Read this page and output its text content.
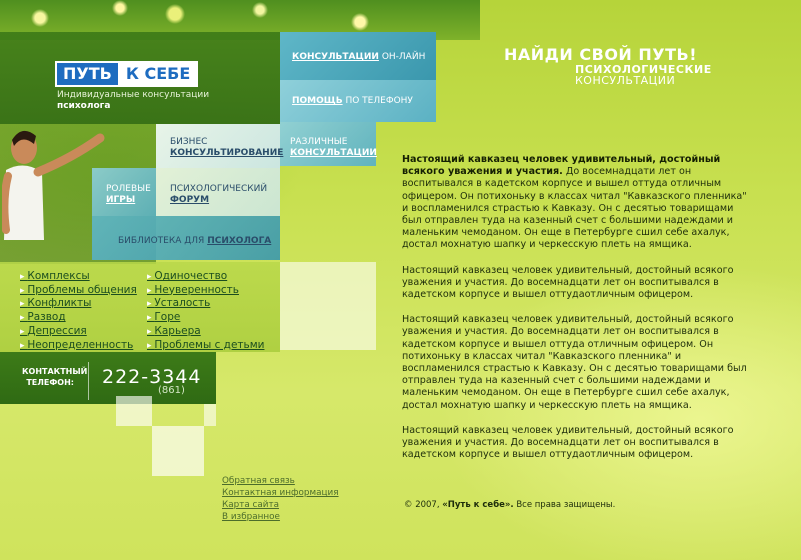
ПУТЬ К СЕБЕ
Индивидуальные консультации
психолога
КОНСУЛЬТАЦИИ ОН-ЛАЙН
ПОМОЩЬ ПО ТЕЛЕФОНУ
БИЗНЕС
КОНСУЛЬТИРОВАНИЕ
РАЗЛИЧНЫЕ
КОНСУЛЬТАЦИИ
РОЛЕВЫЕ
ИГРЫ
ПСИХОЛОГИЧЕСКИЙ
ФОРУМ
БИБЛИОТЕКА ДЛЯ ПСИХОЛОГА
▸ Комплексы
▸ Проблемы общения
▸ Конфликты
▸ Развод
▸ Депрессия
▸ Неопределенность
▸ Одиночество
▸ Неуверенность
▸ Усталость
▸ Горе
▸ Карьера
▸ Проблемы с детьми
КОНТАКТНЫЙ
ТЕЛЕФОН: 222-3344
(861)
Обратная связь
Контактная информация
Карта сайта
В избранное
НАЙДИ СВОЙ ПУТЬ!
ПСИХОЛОГИЧЕСКИЕ
КОНСУЛЬТАЦИИ

Настоящий кавказец человек удивительный, достойный всякого уважения и участия. До восемнадцати лет он воспитывался в кадетском корпусе и вышел оттуда отличным офицером. Он потихоньку в классах читал "Кавказского пленника" и воспламенился страстью к Кавказу. Он с десятью товарищами был отправлен туда на казенный счет с большими надеждами и маленьким чемоданом. Он еще в Петербурге сшил себе ахалук, достал мохнатую шапку и черкесскую плеть на ямщика.

Настоящий кавказец человек удивительный, достойный всякого уважения и участия. До восемнадцати лет он воспитывался в кадетском корпусе и вышел оттудаотличным офицером.

Настоящий кавказец человек удивительный, достойный всякого уважения и участия. До восемнадцати лет он воспитывался в кадетском корпусе и вышел оттуда отличным офицером. Он потихоньку в классах читал "Кавказского пленника" и воспламенился страстью к Кавказу. Он с десятью товарищами был отправлен туда на казенный счет с большими надеждами и маленьким чемоданом. Он еще в Петербурге сшил себе ахалук, достал мохнатую шапку и черкесскую плеть на ямщика.

Настоящий кавказец человек удивительный, достойный всякого уважения и участия. До восемнадцати лет он воспитывался в кадетском корпусе и вышел оттудаотличным офицером.

© 2007, «Путь к себе». Все права защищены.
